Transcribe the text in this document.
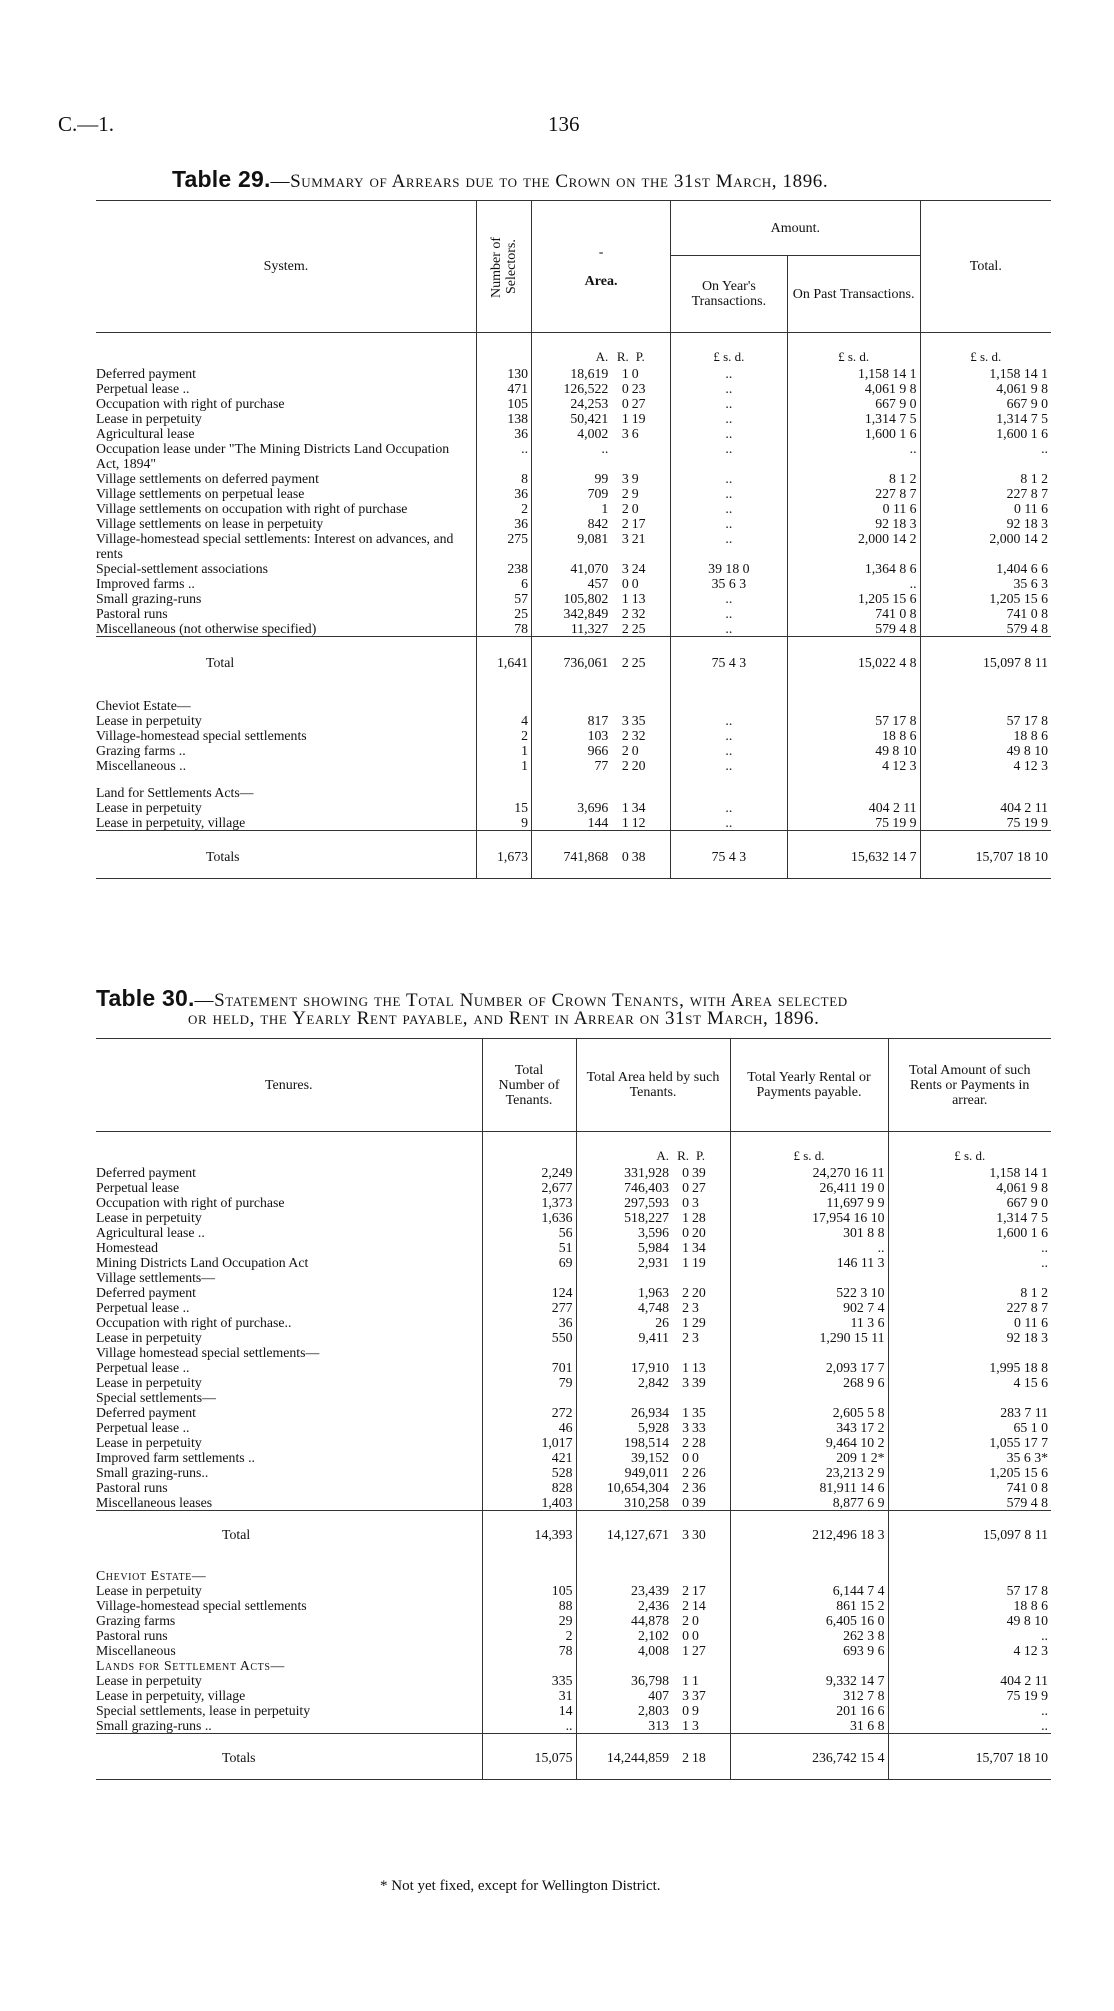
C.—1.	136
Table 29.—Summary of Arrears due to the Crown on the 31st March, 1896.
System.	Number of Selectors.	-
Area.			Amount.		Total.
					On Year's Transactions.	On Past Transactions.	
		A.	R.	P.	£ s. d.	£ s. d.	£ s. d.
Deferred payment	130	18,619	1	0	..	1,158 14 1	1,158 14 1
Perpetual lease ..	471	126,522	0	23	..	4,061 9 8	4,061 9 8
Occupation with right of purchase	105	24,253	0	27	..	667 9 0	667 9 0
Lease in perpetuity	138	50,421	1	19	..	1,314 7 5	1,314 7 5
Agricultural lease	36	4,002	3	6	..	1,600 1 6	1,600 1 6
Occupation lease under "The Mining Districts Land Occupation Act, 1894"	..	..			..	..	..
Village settlements on deferred payment	8	99	3	9	..	8 1 2	8 1 2
Village settlements on perpetual lease	36	709	2	9	..	227 8 7	227 8 7
Village settlements on occupation with right of purchase	2	1	2	0	..	0 11 6	0 11 6
Village settlements on lease in perpetuity	36	842	2	17	..	92 18 3	92 18 3
Village-homestead special settlements: Interest on advances, and rents	275	9,081	3	21	..	2,000 14 2	2,000 14 2
Special-settlement associations	238	41,070	3	24	39 18 0	1,364 8 6	1,404 6 6
Improved farms ..	6	457	0	0	35 6 3	..	35 6 3
Small grazing-runs	57	105,802	1	13	..	1,205 15 6	1,205 15 6
Pastoral runs	25	342,849	2	32	..	741 0 8	741 0 8
Miscellaneous (not otherwise specified)	78	11,327	2	25	..	579 4 8	579 4 8
Total	1,641	736,061	2	25	75 4 3	15,022 4 8	15,097 8 11
Cheviot Estate—							
Lease in perpetuity	4	817	3	35	..	57 17 8	57 17 8
Village-homestead special settlements	2	103	2	32	..	18 8 6	18 8 6
Grazing farms ..	1	966	2	0	..	49 8 10	49 8 10
Miscellaneous ..	1	77	2	20	..	4 12 3	4 12 3
Land for Settlements Acts—							
Lease in perpetuity	15	3,696	1	34	..	404 2 11	404 2 11
Lease in perpetuity, village	9	144	1	12	..	75 19 9	75 19 9
Totals	1,673	741,868	0	38	75 4 3	15,632 14 7	15,707 18 10
Table 30.—Statement showing the Total Number of Crown Tenants, with Area selected
or held, the Yearly Rent payable, and Rent in Arrear on 31st March, 1896.
Tenures.	Total Number of Tenants.	Total Area held by such Tenants.			Total Yearly Rental or Payments payable.	Total Amount of such Rents or Payments in arrear.
		A.	R.	P.	£ s. d.	£ s. d.
Deferred payment	2,249	331,928	0	39	24,270 16 11	1,158 14 1
Perpetual lease	2,677	746,403	0	27	26,411 19 0	4,061 9 8
Occupation with right of purchase	1,373	297,593	0	3	11,697 9 9	667 9 0
Lease in perpetuity	1,636	518,227	1	28	17,954 16 10	1,314 7 5
Agricultural lease ..	56	3,596	0	20	301 8 8	1,600 1 6
Homestead	51	5,984	1	34	..	..
Mining Districts Land Occupation Act	69	2,931	1	19	146 11 3	..
Village settlements—						
Deferred payment	124	1,963	2	20	522 3 10	8 1 2
Perpetual lease ..	277	4,748	2	3	902 7 4	227 8 7
Occupation with right of purchase..	36	26	1	29	11 3 6	0 11 6
Lease in perpetuity	550	9,411	2	3	1,290 15 11	92 18 3
Village homestead special settlements—						
Perpetual lease ..	701	17,910	1	13	2,093 17 7	1,995 18 8
Lease in perpetuity	79	2,842	3	39	268 9 6	4 15 6
Special settlements—						
Deferred payment	272	26,934	1	35	2,605 5 8	283 7 11
Perpetual lease ..	46	5,928	3	33	343 17 2	65 1 0
Lease in perpetuity	1,017	198,514	2	28	9,464 10 2	1,055 17 7
Improved farm settlements ..	421	39,152	0	0	209 1 2*	35 6 3*
Small grazing-runs..	528	949,011	2	26	23,213 2 9	1,205 15 6
Pastoral runs	828	10,654,304	2	36	81,911 14 6	741 0 8
Miscellaneous leases	1,403	310,258	0	39	8,877 6 9	579 4 8
Total	14,393	14,127,671	3	30	212,496 18 3	15,097 8 11
Cheviot Estate—						
Lease in perpetuity	105	23,439	2	17	6,144 7 4	57 17 8
Village-homestead special settlements	88	2,436	2	14	861 15 2	18 8 6
Grazing farms	29	44,878	2	0	6,405 16 0	49 8 10
Pastoral runs	2	2,102	0	0	262 3 8	..
Miscellaneous	78	4,008	1	27	693 9 6	4 12 3
Lands for Settlement Acts—						
Lease in perpetuity	335	36,798	1	1	9,332 14 7	404 2 11
Lease in perpetuity, village	31	407	3	37	312 7 8	75 19 9
Special settlements, lease in perpetuity	14	2,803	0	9	201 16 6	..
Small grazing-runs ..	..	313	1	3	31 6 8	..
Totals	15,075	14,244,859	2	18	236,742 15 4	15,707 18 10
* Not yet fixed, except for Wellington District.
